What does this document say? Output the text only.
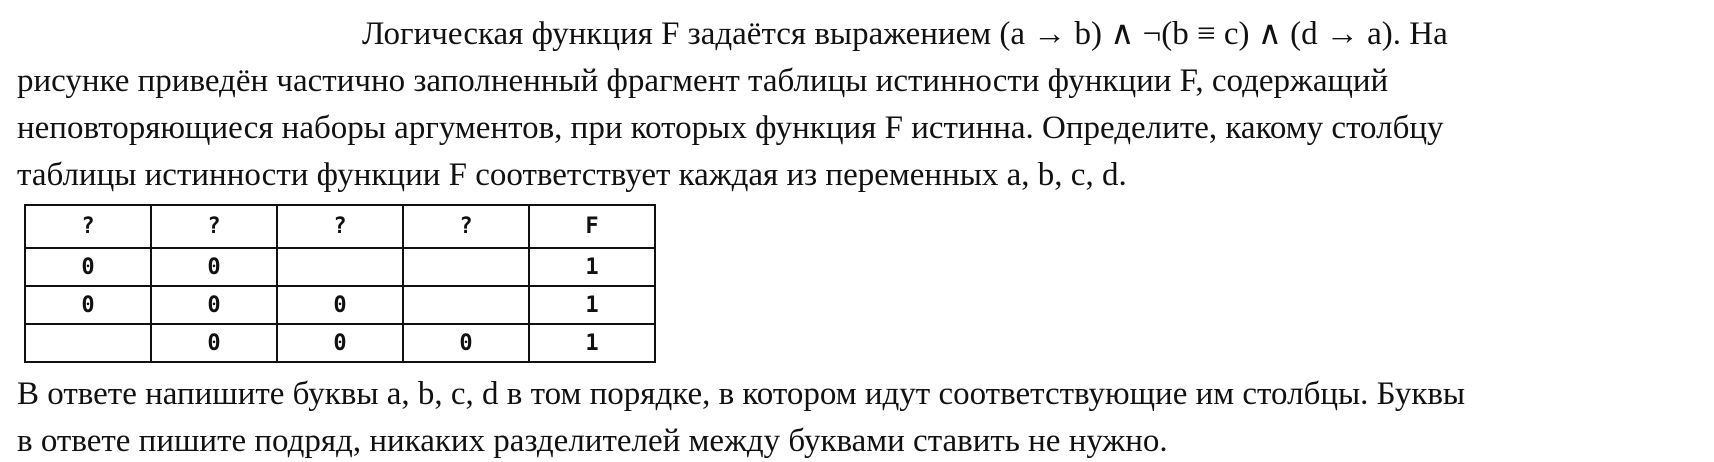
Логическая функция F задаётся выражением (a → b) ∧ ¬(b ≡ c) ∧ (d → a). На
рисунке приведён частично заполненный фрагмент таблицы истинности функции F, содержащий
неповторяющиеся наборы аргументов, при которых функция F истинна. Определите, какому столбцу
таблицы истинности функции F соответствует каждая из переменных a, b, c, d.
?	?	?	?	F
0	0			1
0	0	0		1
	0	0	0	1
В ответе напишите буквы a, b, c, d в том порядке, в котором идут соответствующие им столбцы. Буквы
в ответе пишите подряд, никаких разделителей между буквами ставить не нужно.
